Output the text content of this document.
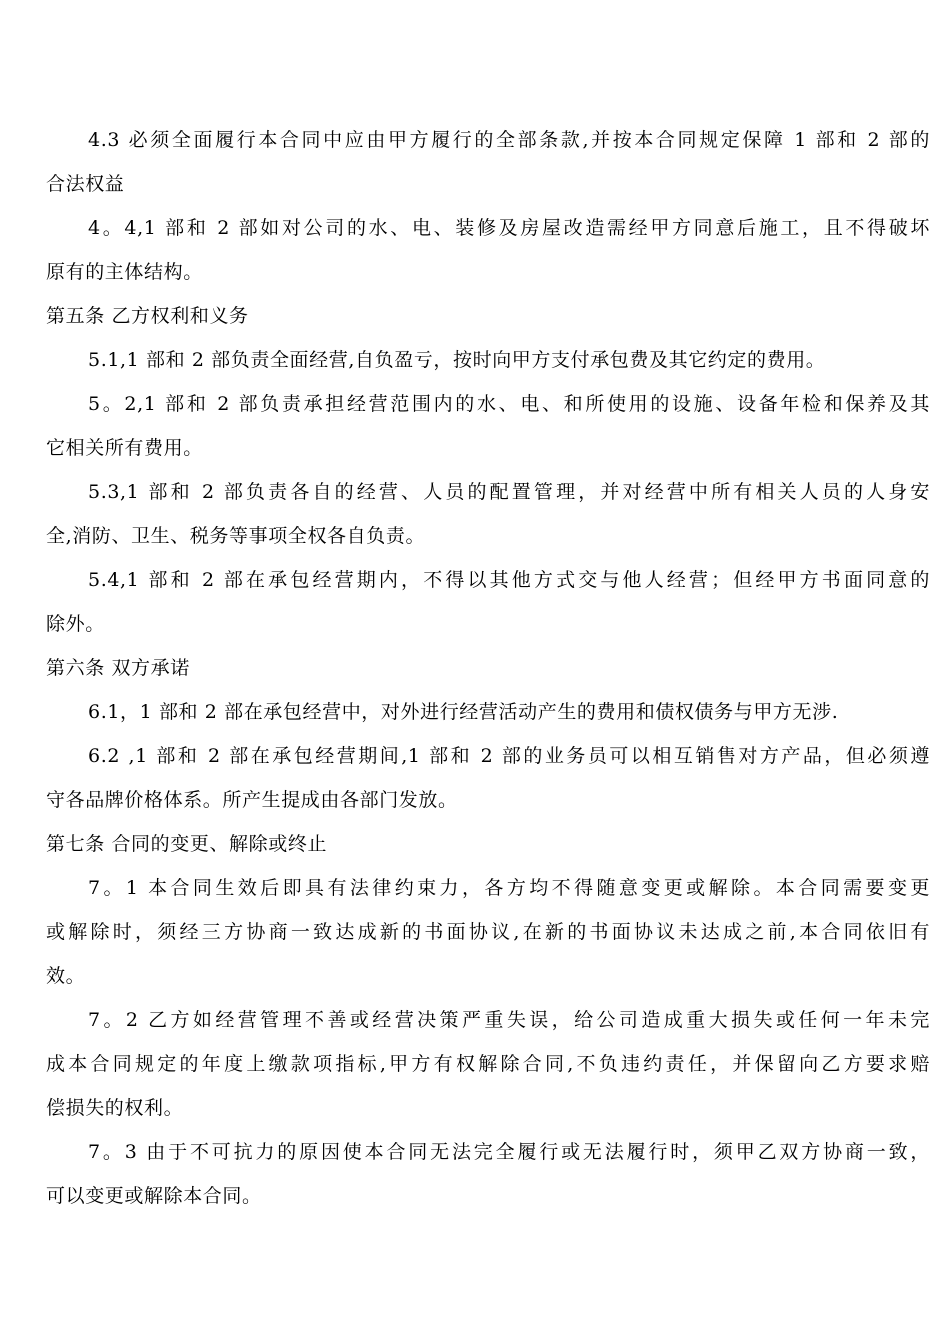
4.3 必须全面履行本合同中应由甲方履行的全部条款,并按本合同规定保障 1 部和 2 部的
合法权益
4。4,1 部和 2 部如对公司的水、电、装修及房屋改造需经甲方同意后施工，且不得破坏
原有的主体结构。
第五条 乙方权利和义务
5.1,1 部和 2 部负责全面经营,自负盈亏，按时向甲方支付承包费及其它约定的费用。
5。2,1 部和 2 部负责承担经营范围内的水、电、和所使用的设施、设备年检和保养及其
它相关所有费用。
5.3,1 部和 2 部负责各自的经营、人员的配置管理，并对经营中所有相关人员的人身安
全,消防、卫生、税务等事项全权各自负责。
5.4,1 部和 2 部在承包经营期内，不得以其他方式交与他人经营；但经甲方书面同意的
除外。
第六条 双方承诺
6.1，1 部和 2 部在承包经营中，对外进行经营活动产生的费用和债权债务与甲方无涉.
6.2 ,1 部和 2 部在承包经营期间,1 部和 2 部的业务员可以相互销售对方产品，但必须遵
守各品牌价格体系。所产生提成由各部门发放。
第七条 合同的变更、解除或终止
7。1 本合同生效后即具有法律约束力，各方均不得随意变更或解除。本合同需要变更
或解除时，须经三方协商一致达成新的书面协议,在新的书面协议未达成之前,本合同依旧有
效。
7。2 乙方如经营管理不善或经营决策严重失误，给公司造成重大损失或任何一年未完
成本合同规定的年度上缴款项指标,甲方有权解除合同,不负违约责任，并保留向乙方要求赔
偿损失的权利。
7。3 由于不可抗力的原因使本合同无法完全履行或无法履行时，须甲乙双方协商一致，
可以变更或解除本合同。
